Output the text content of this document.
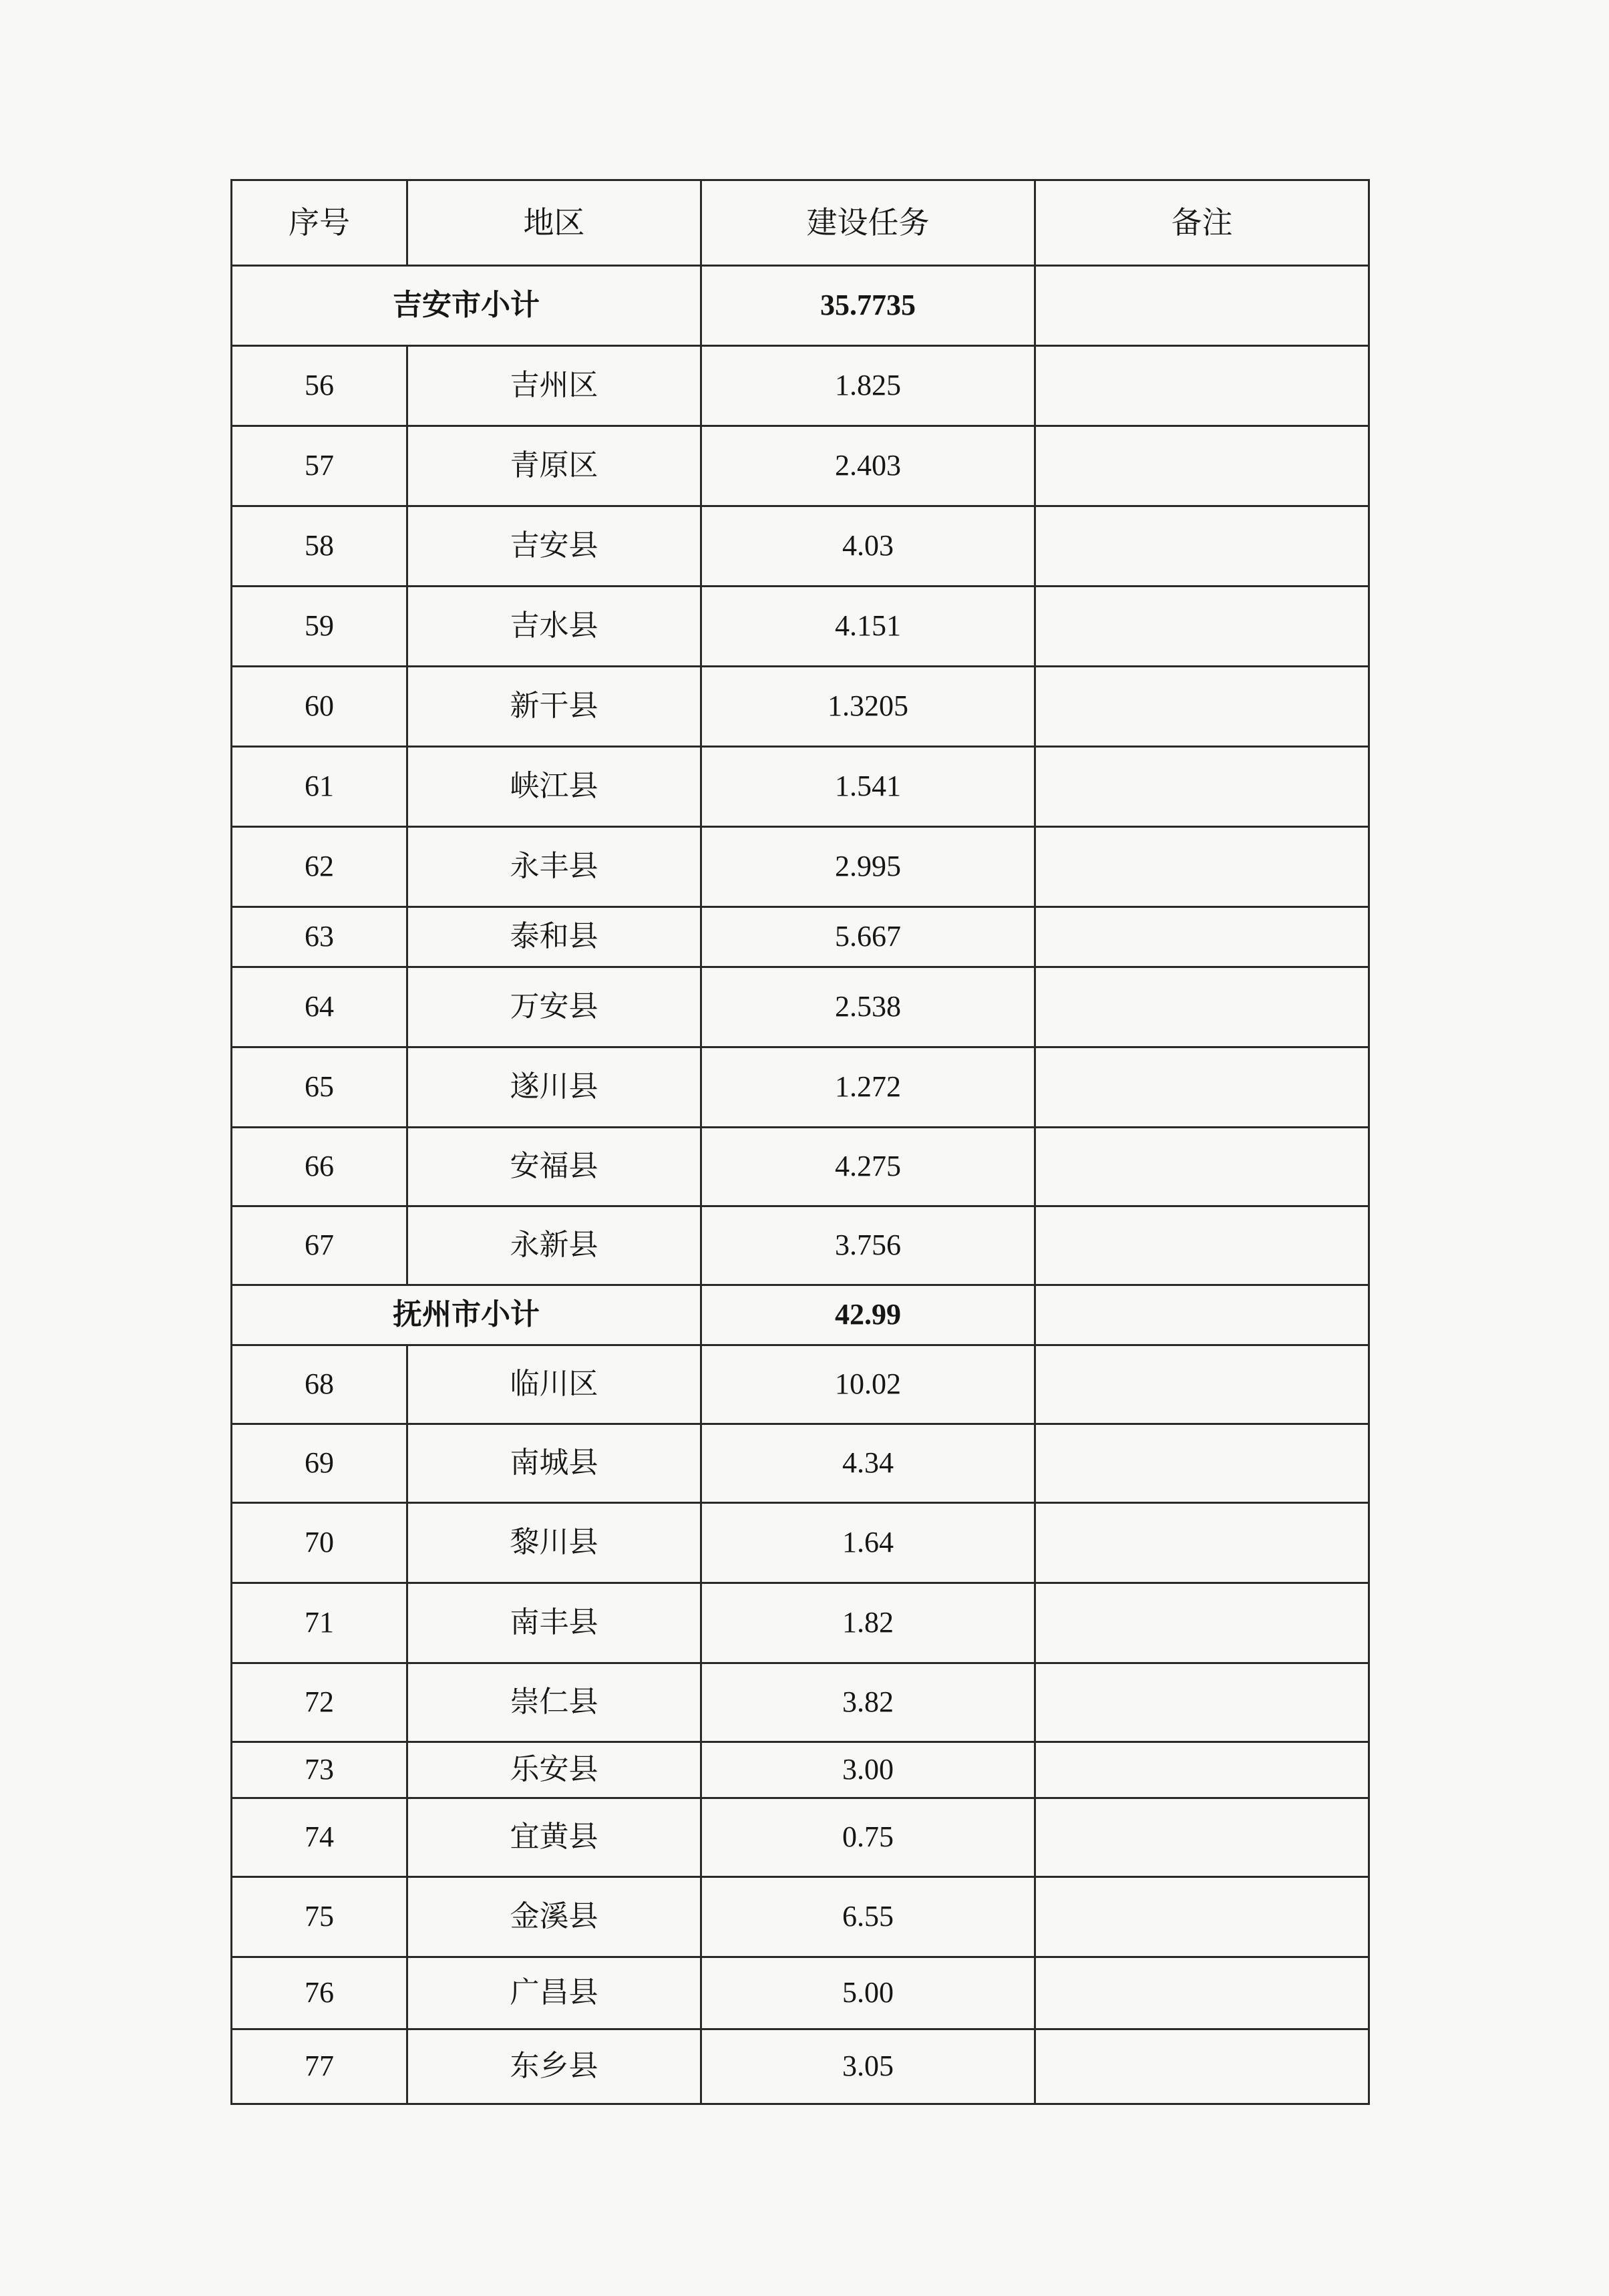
序号	地区	建设任务	备注
吉安市小计		35.7735	
56	吉州区	1.825	
57	青原区	2.403	
58	吉安县	4.03	
59	吉水县	4.151	
60	新干县	1.3205	
61	峡江县	1.541	
62	永丰县	2.995	
63	泰和县	5.667	
64	万安县	2.538	
65	遂川县	1.272	
66	安福县	4.275	
67	永新县	3.756	
抚州市小计		42.99	
68	临川区	10.02	
69	南城县	4.34	
70	黎川县	1.64	
71	南丰县	1.82	
72	崇仁县	3.82	
73	乐安县	3.00	
74	宜黄县	0.75	
75	金溪县	6.55	
76	广昌县	5.00	
77	东乡县	3.05	
